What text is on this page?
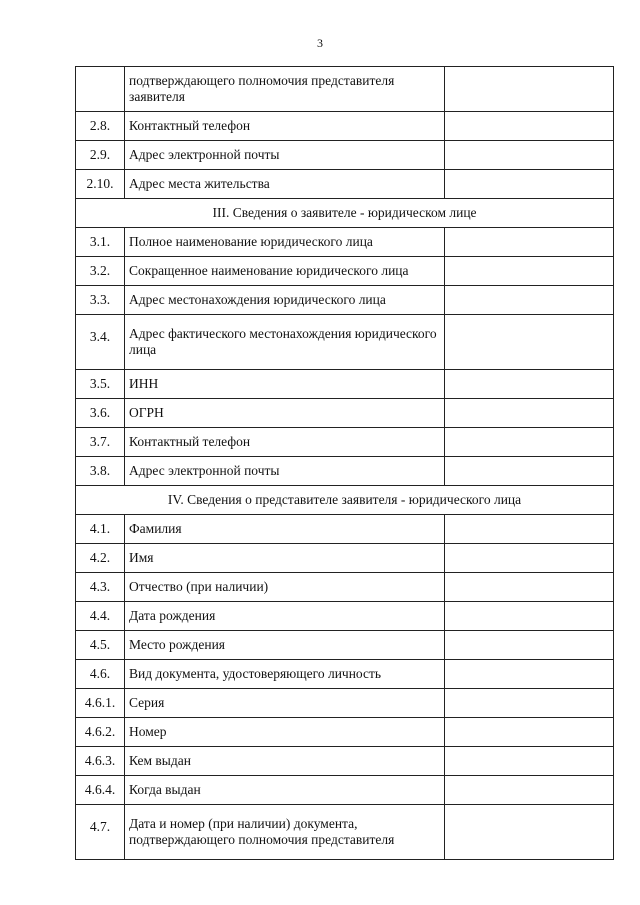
3
	подтверждающего полномочия представителя заявителя	
2.8.	Контактный телефон	
2.9.	Адрес электронной почты	
2.10.	Адрес места жительства	
III. Сведения о заявителе - юридическом лице		
3.1.	Полное наименование юридического лица	
3.2.	Сокращенное наименование юридического лица	
3.3.	Адрес местонахождения юридического лица	
3.4.	Адрес фактического местонахождения юридического лица	
3.5.	ИНН	
3.6.	ОГРН	
3.7.	Контактный телефон	
3.8.	Адрес электронной почты	
IV. Сведения о представителе заявителя - юридического лица		
4.1.	Фамилия	
4.2.	Имя	
4.3.	Отчество (при наличии)	
4.4.	Дата рождения	
4.5.	Место рождения	
4.6.	Вид документа, удостоверяющего личность	
4.6.1.	Серия	
4.6.2.	Номер	
4.6.3.	Кем выдан	
4.6.4.	Когда выдан	
4.7.	Дата и номер (при наличии) документа, подтверждающего полномочия представителя	
